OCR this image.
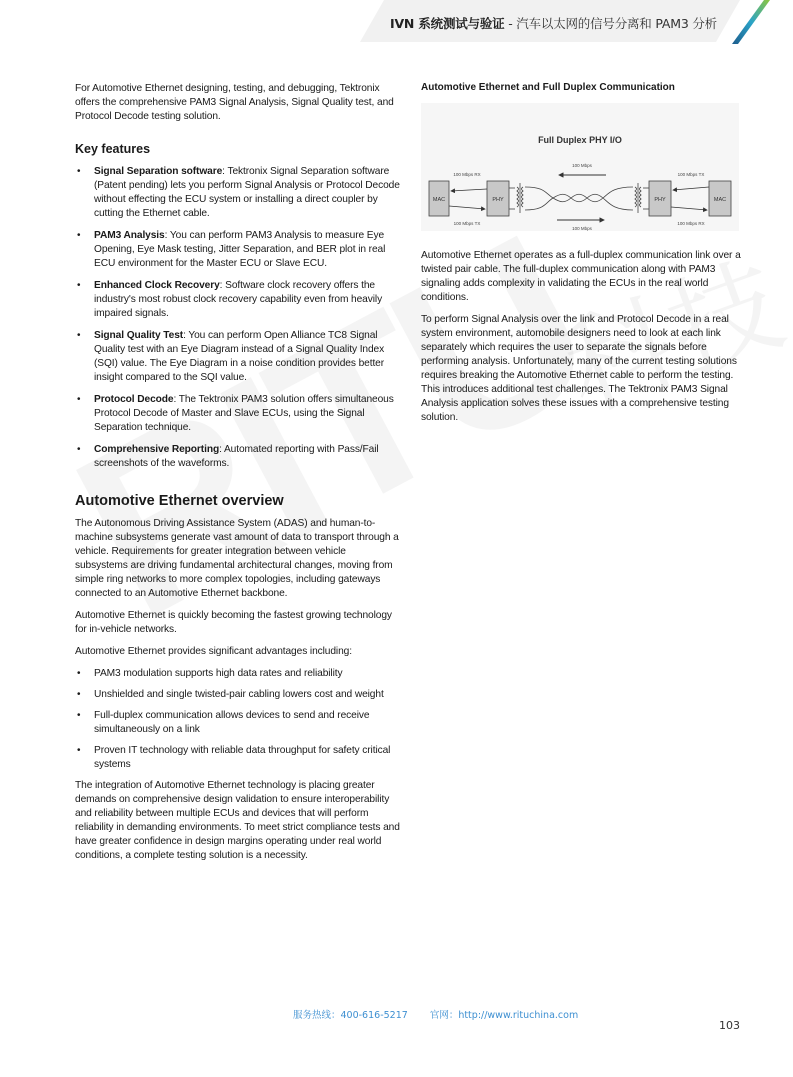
IVN 系统测试与验证 - 汽车以太网的信号分离和 PAM3 分析

For Automotive Ethernet designing, testing, and debugging, Tektronix offers the comprehensive PAM3 Signal Analysis, Signal Quality test, and Protocol Decode testing solution.

Key features
• Signal Separation software: Tektronix Signal Separation software (Patent pending) lets you perform Signal Analysis or Protocol Decode without effecting the ECU system or installing a direct coupler by cutting the Ethernet cable.
• PAM3 Analysis: You can perform PAM3 Analysis to measure Eye Opening, Eye Mask testing, Jitter Separation, and BER plot in real ECU environment for the Master ECU or Slave ECU.
• Enhanced Clock Recovery: Software clock recovery offers the industry's most robust clock recovery capability even from heavily impaired signals.
• Signal Quality Test: You can perform Open Alliance TC8 Signal Quality test with an Eye Diagram instead of a Signal Quality Index (SQI) value. The Eye Diagram in a noise condition provides better insight compared to the SQI value.
• Protocol Decode: The Tektronix PAM3 solution offers simultaneous Protocol Decode of Master and Slave ECUs, using the Signal Separation technique.
• Comprehensive Reporting: Automated reporting with Pass/Fail screenshots of the waveforms.
Automotive Ethernet overview

The Autonomous Driving Assistance System (ADAS) and human-to-machine subsystems generate vast amount of data to transport through a vehicle. Requirements for greater integration between vehicle subsystems are driving fundamental architectural changes, moving from simple ring networks to more complex topologies, including gateways connected to an Automotive Ethernet backbone.

Automotive Ethernet is quickly becoming the fastest growing technology for in-vehicle networks.

Automotive Ethernet provides significant advantages including:

• PAM3 modulation supports high data rates and reliability
• Unshielded and single twisted-pair cabling lowers cost and weight
• Full-duplex communication allows devices to send and receive simultaneously on a link
• Proven IT technology with reliable data throughput for safety critical systems

The integration of Automotive Ethernet technology is placing greater demands on comprehensive design validation to ensure interoperability and reliability between multiple ECUs and devices that will perform reliability in demanding environments. To meet strict compliance tests and have greater confidence in design margins operating under real world conditions, a complete testing solution is a necessity.

Automotive Ethernet and Full Duplex Communication
Full Duplex PHY I/O
MAC	PHY
100 Mbps RX
100 Mbps TX
PHY	MAC
100 Mbps TX
100 Mbps RX
100 Mbps
100 Mbps

Automotive Ethernet operates as a full-duplex communication link over a twisted pair cable. The full-duplex communication along with PAM3 signaling adds complexity in validating the ECUs in the real world conditions.

To perform Signal Analysis over the link and Protocol Decode in a real system environment, automobile designers need to look at each link separately which requires the user to separate the signals before performing analysis. Unfortunately, many of the current testing solutions requires breaking the Automotive Ethernet cable to perform the testing. This introduces additional test challenges. The Tektronix PAM3 Signal Analysis application solves these issues with a comprehensive testing solution.

服务热线：400-616-5217 官网：http://www.rituchina.com
103
